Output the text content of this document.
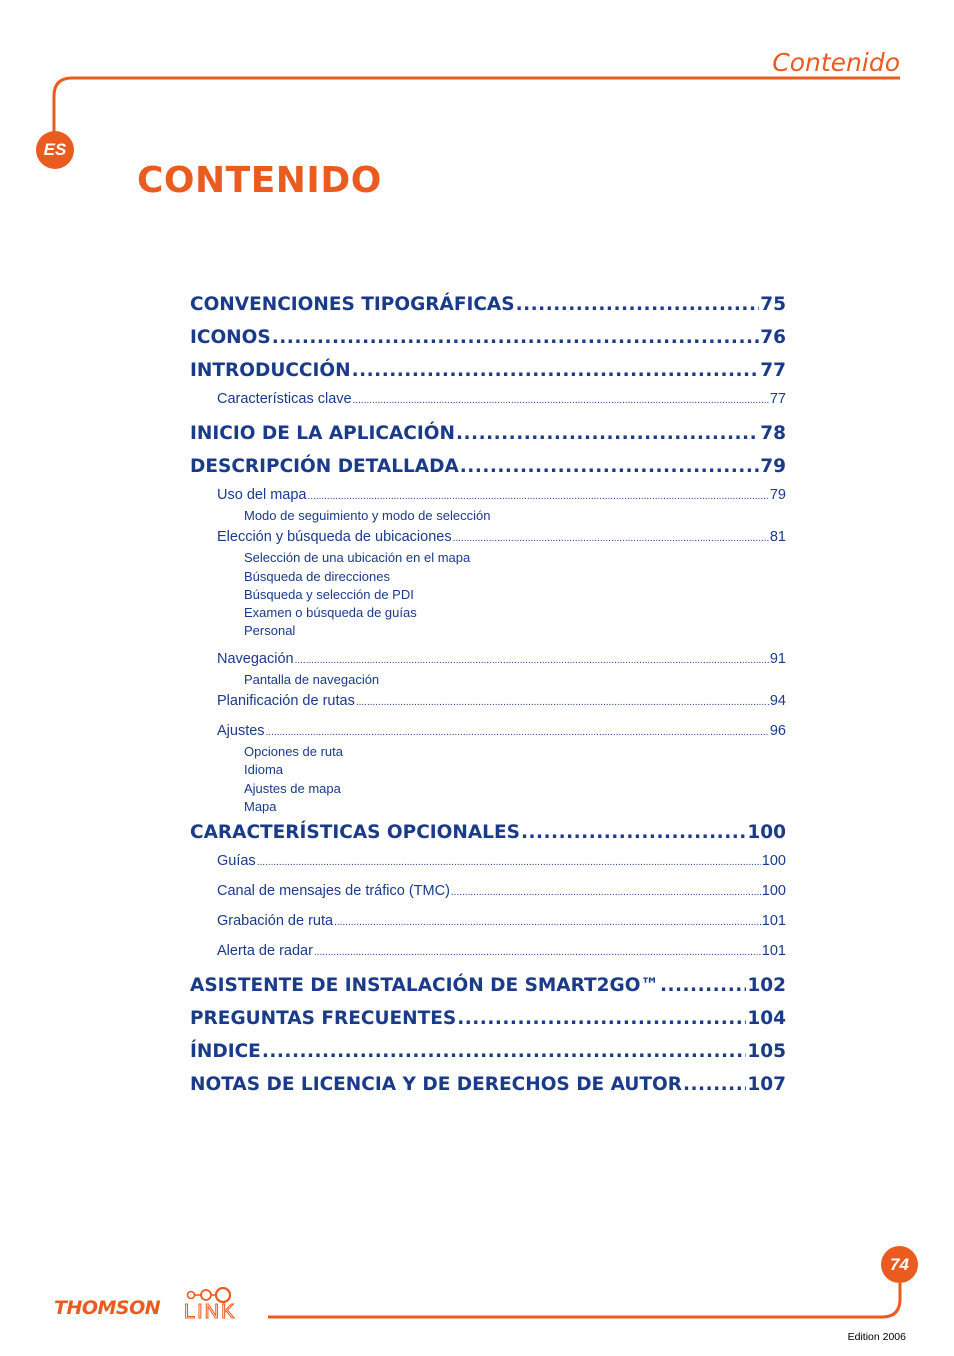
Contenido
ES
CONTENIDO
CONVENCIONES TIPOGRÁFICAS .....	75
ICONOS .....	76
INTRODUCCIÓN .....	77
Características clave .....	77
INICIO DE LA APLICACIÓN .....	78
DESCRIPCIÓN DETALLADA .....	79
Uso del mapa .....	79
Modo de seguimiento y modo de selección
Elección y búsqueda de ubicaciones .....	81
Selección de una ubicación en el mapa
Búsqueda de direcciones
Búsqueda y selección de PDI
Examen o búsqueda de guías
Personal
Navegación .....	91
Pantalla de navegación
Planificación de rutas .....	94
Ajustes .....	96
Opciones de ruta
Idioma
Ajustes de mapa
Mapa
CARACTERÍSTICAS OPCIONALES .....	100
Guías .....	100
Canal de mensajes de tráfico (TMC) .....	100
Grabación de ruta .....	101
Alerta de radar .....	101
ASISTENTE DE INSTALACIÓN DE SMART2GO™ .....	102
PREGUNTAS FRECUENTES .....	104
ÍNDICE .....	105
NOTAS DE LICENCIA Y DE DERECHOS DE AUTOR .....	107
74
THOMSON LINK
Edition 2006
